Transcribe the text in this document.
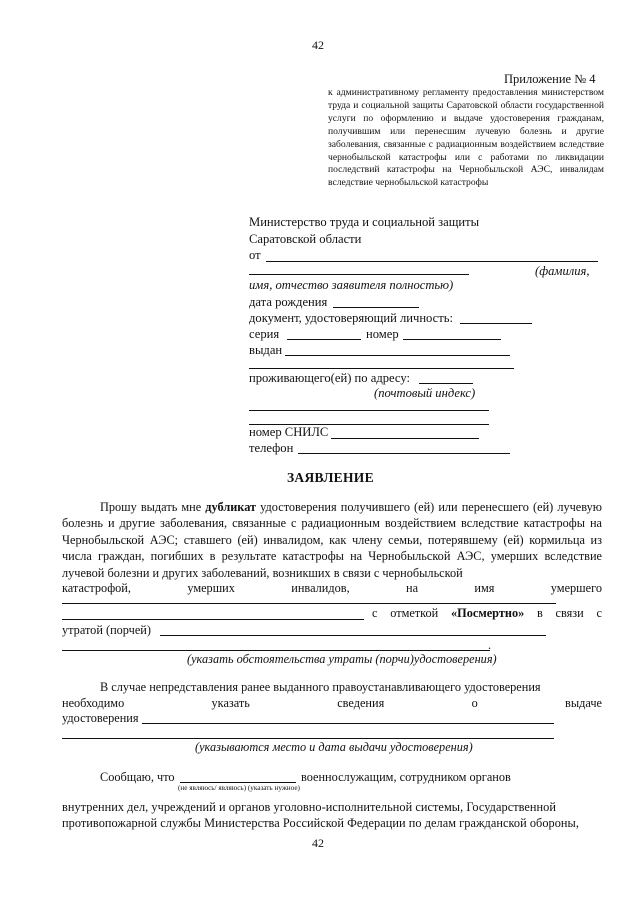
42
Приложение № 4
к административному регламенту предоставления министерством труда и социальной защиты Саратовской области государственной услуги по оформлению и выдаче удостоверения гражданам, получившим или перенесшим лучевую болезнь и другие заболевания, связанные с радиационным воздействием вследствие чернобыльской катастрофы или с работами по ликвидации последствий катастрофы на Чернобыльской АЭС, инвалидам вследствие чернобыльской катастрофы
Министерство труда и социальной защиты
Саратовской области
от
(фамилия,
имя, отчество заявителя полностью)
дата рождения
документ, удостоверяющий личность:
серия	номер
выдан
проживающего(ей) по адресу:
(почтовый индекс)
номер СНИЛС
телефон
ЗАЯВЛЕНИЕ
Прошу выдать мне дубликат удостоверения получившего (ей) или перенесшего (ей) лучевую болезнь и другие заболевания, связанные с радиационным воздействием вследствие катастрофы на Чернобыльской АЭС; ставшего (ей) инвалидом, как члену семьи, потерявшему (ей) кормильца из числа граждан, погибших в результате катастрофы на Чернобыльской АЭС, умерших вследствие лучевой болезни и других заболеваний, возникших в связи с чернобыльской
катастрофой,	умерших	инвалидов,	на	имя	умершего
с отметкой «Посмертно» в связи с
утратой (порчей)
.
(указать обстоятельства утраты (порчи)удостоверения)
В случае непредставления ранее выданного правоустанавливающего удостоверения
необходимо	указать	сведения	о	выдаче
удостоверения
(указываются место и дата выдачи удостоверения)
Сообщаю, что	военнослужащим, сотрудником органов
(не являюсь/ являюсь) (указать нужное)
внутренних дел, учреждений и органов уголовно-исполнительной системы, Государственной
противопожарной службы Министерства Российской Федерации по делам гражданской обороны,
42
